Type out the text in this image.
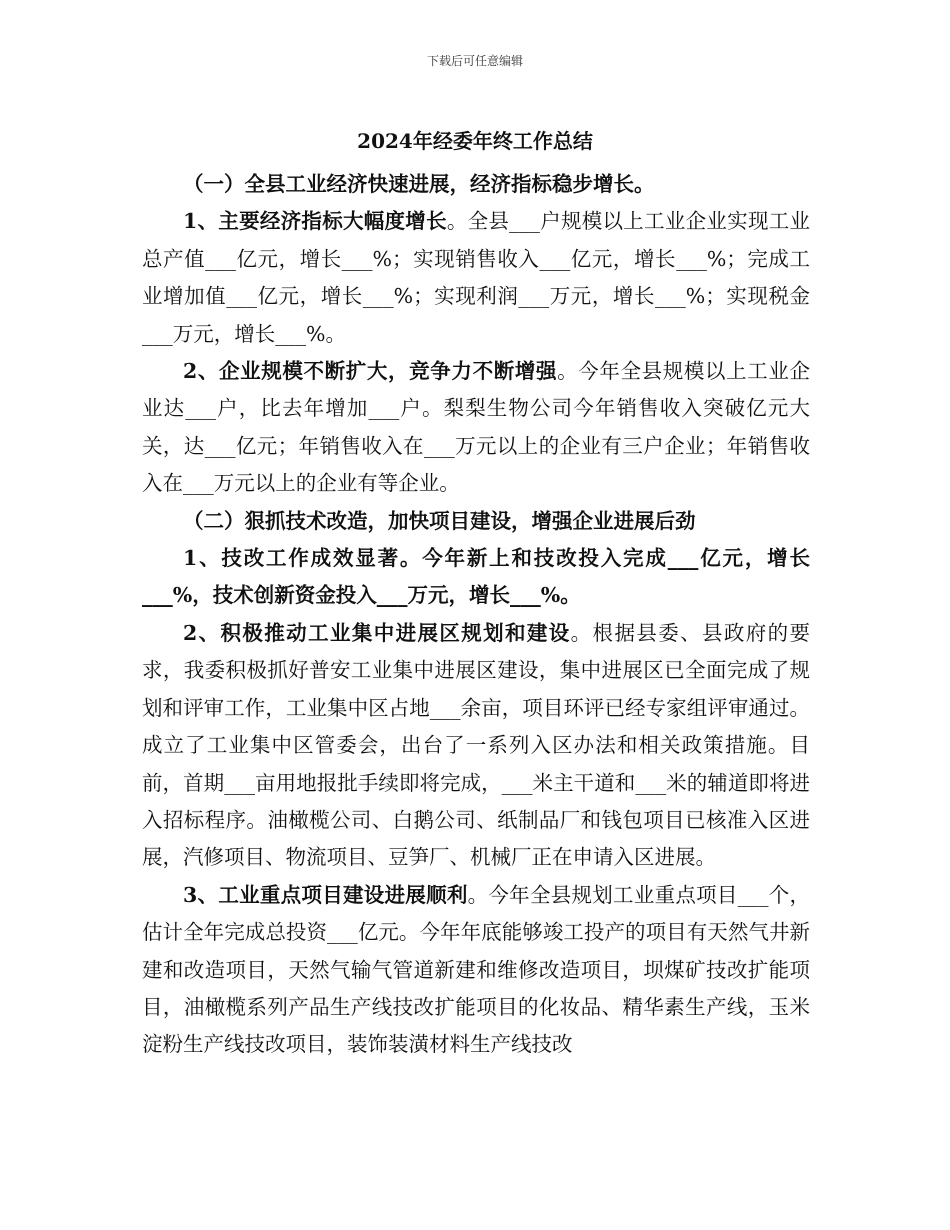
下载后可任意编辑
2024年经委年终工作总结

（一）全县工业经济快速进展，经济指标稳步增长。

1、主要经济指标大幅度增长。全县___户规模以上工业企业实现工业总产值___亿元，增长___%；实现销售收入___亿元，增长___%；完成工业增加值___亿元，增长___%；实现利润___万元，增长___%；实现税金___万元，增长___%。

2、企业规模不断扩大，竞争力不断增强。今年全县规模以上工业企业达___户，比去年增加___户。梨梨生物公司今年销售收入突破亿元大关，达___亿元；年销售收入在___万元以上的企业有三户企业；年销售收入在___万元以上的企业有等企业。

（二）狠抓技术改造，加快项目建设，增强企业进展后劲

1、技改工作成效显著。今年新上和技改投入完成___亿元，增长___%，技术创新资金投入___万元，增长___%。

2、积极推动工业集中进展区规划和建设。根据县委、县政府的要求，我委积极抓好普安工业集中进展区建设，集中进展区已全面完成了规划和评审工作，工业集中区占地___余亩，项目环评已经专家组评审通过。成立了工业集中区管委会，出台了一系列入区办法和相关政策措施。目前，首期___亩用地报批手续即将完成，___米主干道和___米的辅道即将进入招标程序。油橄榄公司、白鹅公司、纸制品厂和钱包项目已核准入区进展，汽修项目、物流项目、豆笋厂、机械厂正在申请入区进展。

3、工业重点项目建设进展顺利。今年全县规划工业重点项目___个，估计全年完成总投资___亿元。今年年底能够竣工投产的项目有天然气井新建和改造项目，天然气输气管道新建和维修改造项目，坝煤矿技改扩能项目，油橄榄系列产品生产线技改扩能项目的化妆品、精华素生产线，玉米淀粉生产线技改项目，装饰装潢材料生产线技改
